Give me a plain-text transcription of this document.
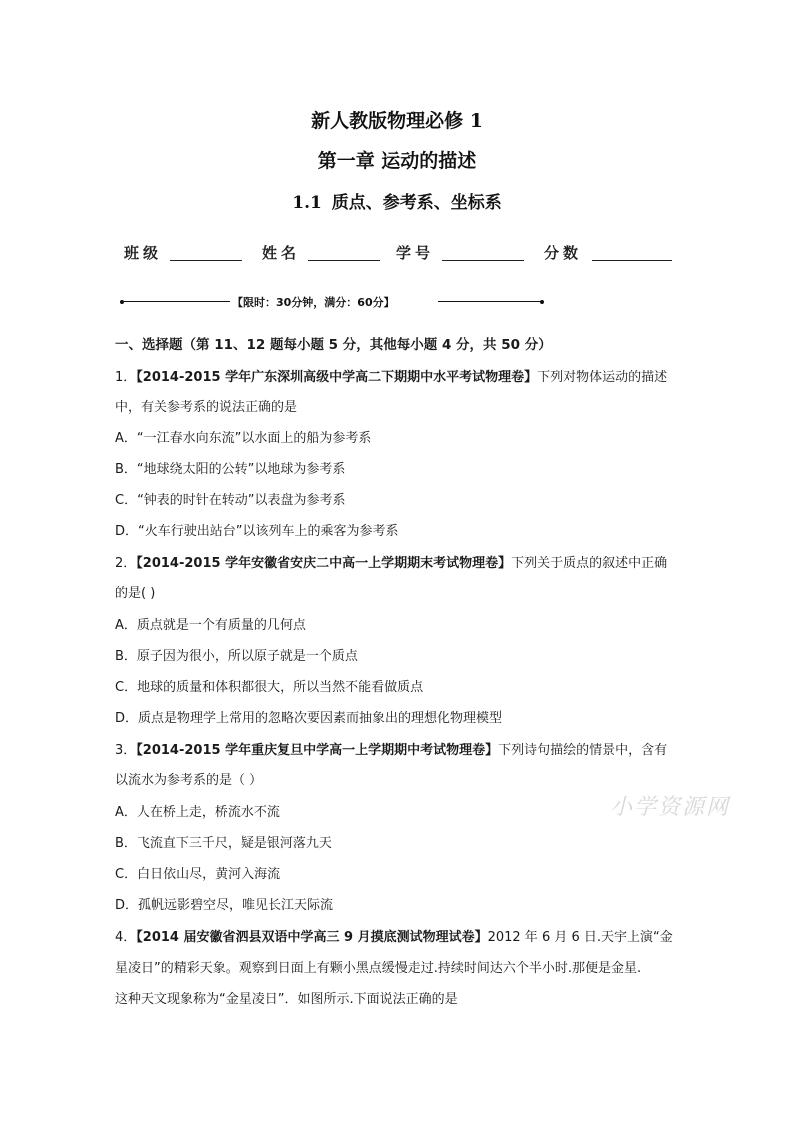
新人教版物理必修 1
第一章 运动的描述
1.1 质点、参考系、坐标系
班级	姓名	学号	分数
【限时：30分钟，满分：60分】
一、选择题（第 11、12 题每小题 5 分，其他每小题 4 分，共 50 分）
1．【2014-2015 学年广东深圳高级中学高二下期期中水平考试物理卷】下列对物体运动的描述
中，有关参考系的说法正确的是
A．“一江春水向东流”以水面上的船为参考系
B．“地球绕太阳的公转”以地球为参考系
C．“钟表的时针在转动”以表盘为参考系
D．“火车行驶出站台”以该列车上的乘客为参考系
2．【2014-2015 学年安徽省安庆二中高一上学期期末考试物理卷】下列关于质点的叙述中正确
的是( )
A．质点就是一个有质量的几何点
B．原子因为很小，所以原子就是一个质点
C．地球的质量和体积都很大，所以当然不能看做质点
D．质点是物理学上常用的忽略次要因素而抽象出的理想化物理模型
3．【2014-2015 学年重庆复旦中学高一上学期期中考试物理卷】下列诗句描绘的情景中，含有
以流水为参考系的是（ ）
A．人在桥上走，桥流水不流
B．飞流直下三千尺，疑是银河落九天
C．白日依山尽，黄河入海流
D．孤帆远影碧空尽，唯见长江天际流
4．【2014 届安徽省泗县双语中学高三 9 月摸底测试物理试卷】2012 年 6 月 6 日.天宇上演“金
星凌日”的精彩天象。观察到日面上有颗小黑点缓慢走过.持续时间达六个半小时.那便是金星.
这种天文现象称为“金星凌日”．如图所示.下面说法正确的是
小学资源网
